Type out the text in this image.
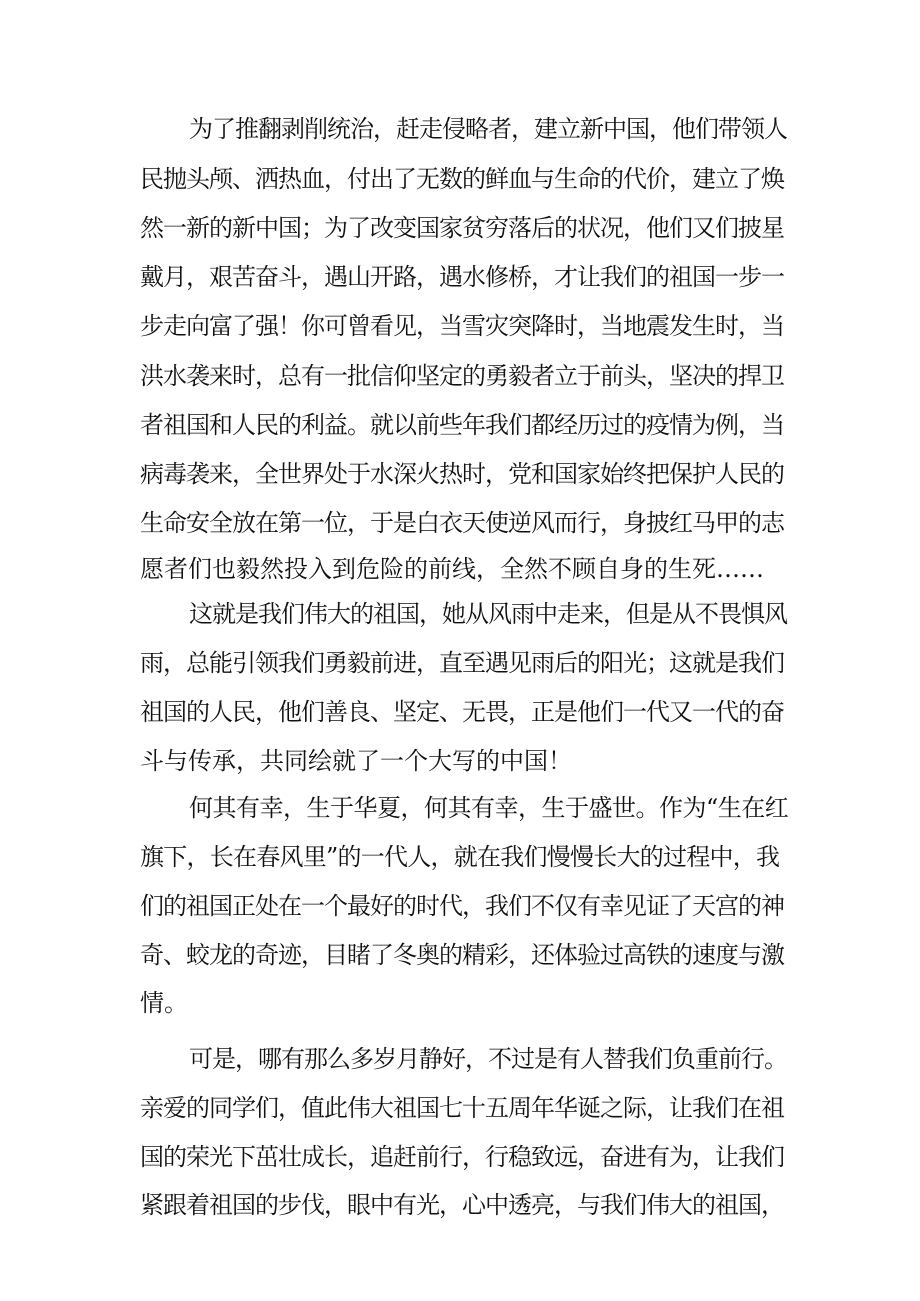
为了推翻剥削统治，赶走侵略者，建立新中国，他们带领人
民抛头颅、洒热血，付出了无数的鲜血与生命的代价，建立了焕
然一新的新中国；为了改变国家贫穷落后的状况，他们又们披星
戴月，艰苦奋斗，遇山开路，遇水修桥，才让我们的祖国一步一
步走向富了强！你可曾看见，当雪灾突降时，当地震发生时，当
洪水袭来时，总有一批信仰坚定的勇毅者立于前头，坚决的捍卫
者祖国和人民的利益。就以前些年我们都经历过的疫情为例，当
病毒袭来，全世界处于水深火热时，党和国家始终把保护人民的
生命安全放在第一位，于是白衣天使逆风而行，身披红马甲的志
愿者们也毅然投入到危险的前线，全然不顾自身的生死……
这就是我们伟大的祖国，她从风雨中走来，但是从不畏惧风
雨，总能引领我们勇毅前进，直至遇见雨后的阳光；这就是我们
祖国的人民，他们善良、坚定、无畏，正是他们一代又一代的奋
斗与传承，共同绘就了一个大写的中国！
何其有幸，生于华夏，何其有幸，生于盛世。作为“生在红
旗下，长在春风里”的一代人，就在我们慢慢长大的过程中，我
们的祖国正处在一个最好的时代，我们不仅有幸见证了天宫的神
奇、蛟龙的奇迹，目睹了冬奥的精彩，还体验过高铁的速度与激
情。
可是，哪有那么多岁月静好，不过是有人替我们负重前行。
亲爱的同学们，值此伟大祖国七十五周年华诞之际，让我们在祖
国的荣光下茁壮成长，追赶前行，行稳致远，奋进有为，让我们
紧跟着祖国的步伐，眼中有光，心中透亮，与我们伟大的祖国，
